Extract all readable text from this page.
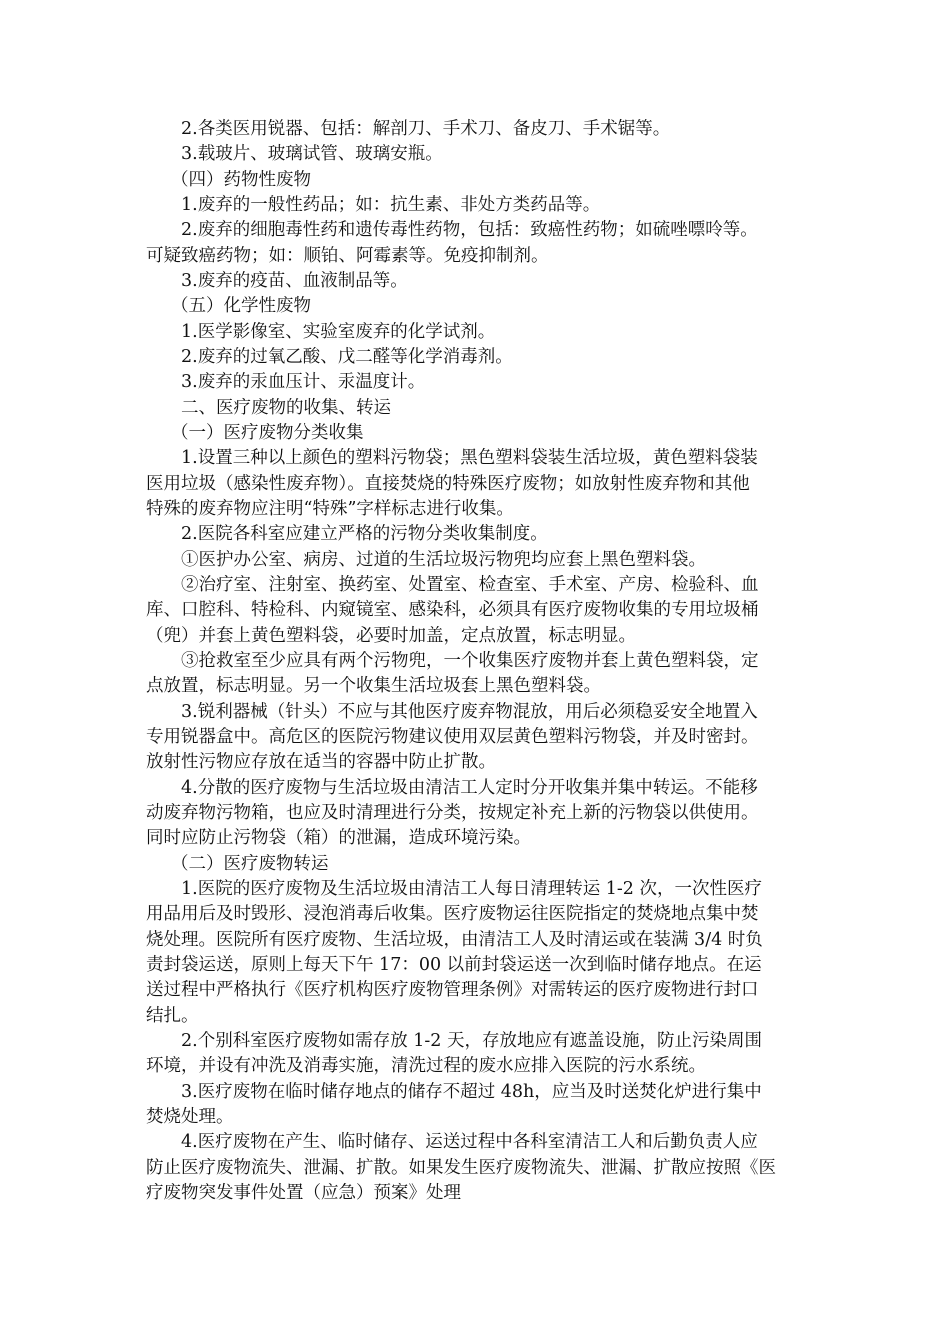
2.各类医用锐器、包括：解剖刀、手术刀、备皮刀、手术锯等。

3.载玻片、玻璃试管、玻璃安瓶。

（四）药物性废物

1.废弃的一般性药品；如：抗生素、非处方类药品等。

2.废弃的细胞毒性药和遗传毒性药物，包括：致癌性药物；如硫唑嘌呤等。

可疑致癌药物；如：顺铂、阿霉素等。免疫抑制剂。

3.废弃的疫苗、血液制品等。

（五）化学性废物

1.医学影像室、实验室废弃的化学试剂。

2.废弃的过氧乙酸、戊二醛等化学消毒剂。

3.废弃的汞血压计、汞温度计。

二、医疗废物的收集、转运

（一）医疗废物分类收集

1.设置三种以上颜色的塑料污物袋；黑色塑料袋装生活垃圾，黄色塑料袋装

医用垃圾（感染性废弃物）。直接焚烧的特殊医疗废物；如放射性废弃物和其他

特殊的废弃物应注明“特殊”字样标志进行收集。

2.医院各科室应建立严格的污物分类收集制度。

①医护办公室、病房、过道的生活垃圾污物兜均应套上黑色塑料袋。

②治疗室、注射室、换药室、处置室、检查室、手术室、产房、检验科、血

库、口腔科、特检科、内窥镜室、感染科，必须具有医疗废物收集的专用垃圾桶

（兜）并套上黄色塑料袋，必要时加盖，定点放置，标志明显。

③抢救室至少应具有两个污物兜，一个收集医疗废物并套上黄色塑料袋，定

点放置，标志明显。另一个收集生活垃圾套上黑色塑料袋。

3.锐利器械（针头）不应与其他医疗废弃物混放，用后必须稳妥安全地置入

专用锐器盒中。高危区的医院污物建议使用双层黄色塑料污物袋，并及时密封。

放射性污物应存放在适当的容器中防止扩散。

4.分散的医疗废物与生活垃圾由清洁工人定时分开收集并集中转运。不能移

动废弃物污物箱，也应及时清理进行分类，按规定补充上新的污物袋以供使用。

同时应防止污物袋（箱）的泄漏，造成环境污染。

（二）医疗废物转运

1.医院的医疗废物及生活垃圾由清洁工人每日清理转运 1-2 次，一次性医疗

用品用后及时毁形、浸泡消毒后收集。医疗废物运往医院指定的焚烧地点集中焚

烧处理。医院所有医疗废物、生活垃圾，由清洁工人及时清运或在装满 3/4 时负

责封袋运送，原则上每天下午 17：00 以前封袋运送一次到临时储存地点。在运

送过程中严格执行《医疗机构医疗废物管理条例》对需转运的医疗废物进行封口

结扎。

2.个别科室医疗废物如需存放 1-2 天，存放地应有遮盖设施，防止污染周围

环境，并设有冲洗及消毒实施，清洗过程的废水应排入医院的污水系统。

3.医疗废物在临时储存地点的储存不超过 48h，应当及时送焚化炉进行集中

焚烧处理。

4.医疗废物在产生、临时储存、运送过程中各科室清洁工人和后勤负责人应

防止医疗废物流失、泄漏、扩散。如果发生医疗废物流失、泄漏、扩散应按照《医

疗废物突发事件处置（应急）预案》处理
